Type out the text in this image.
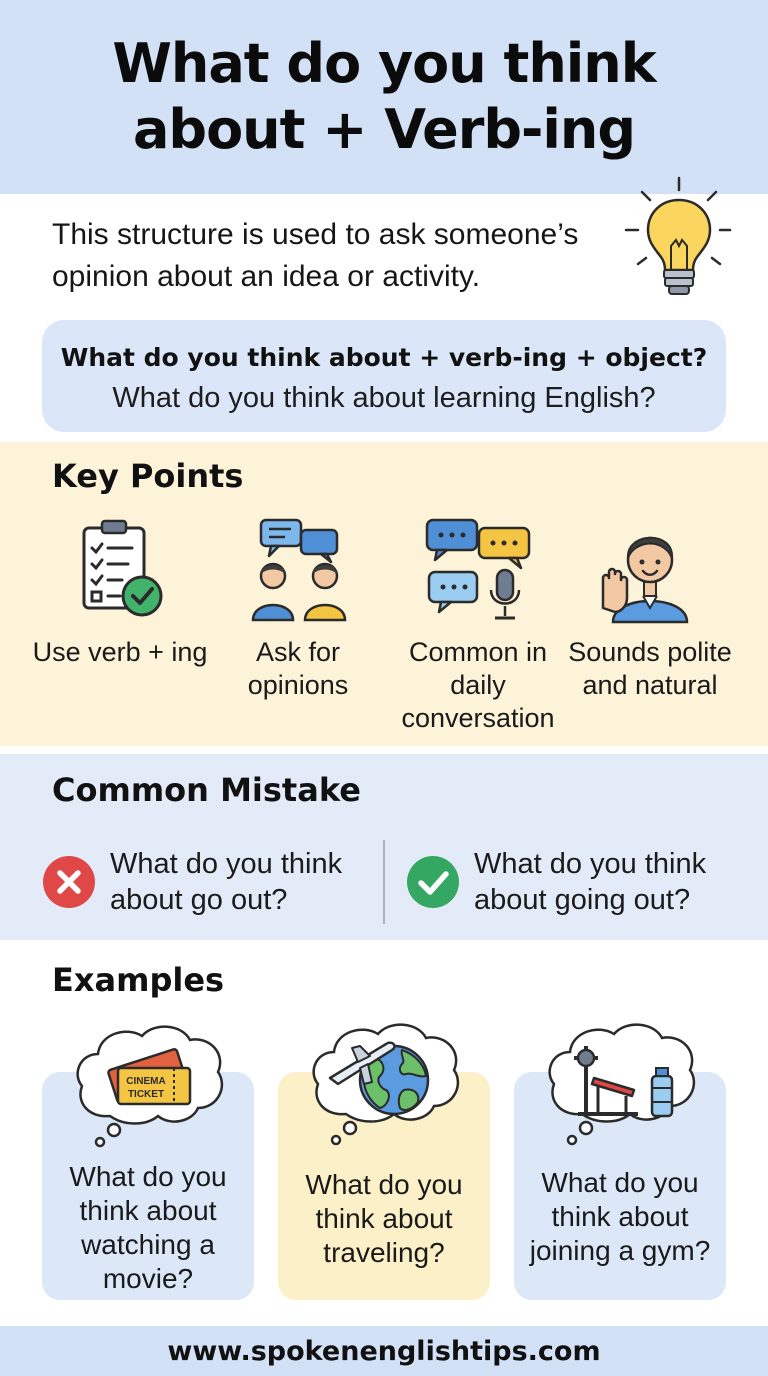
What do you think
about + Verb-ing

This structure is used to ask someone’s opinion about an idea or activity.

What do you think about + verb-ing + object?

What do you think about learning English?

Key Points
Use verb + ing	Ask for opinions
Common in daily conversation
Sounds polite and natural
Common Mistake
What do you think
about go out?
What do you think
about going out?
Examples

What do you think about watching a movie?

CINEMA
TICKET

What do you think about traveling?

What do you think about joining a gym?

www.spokenenglishtips.com
